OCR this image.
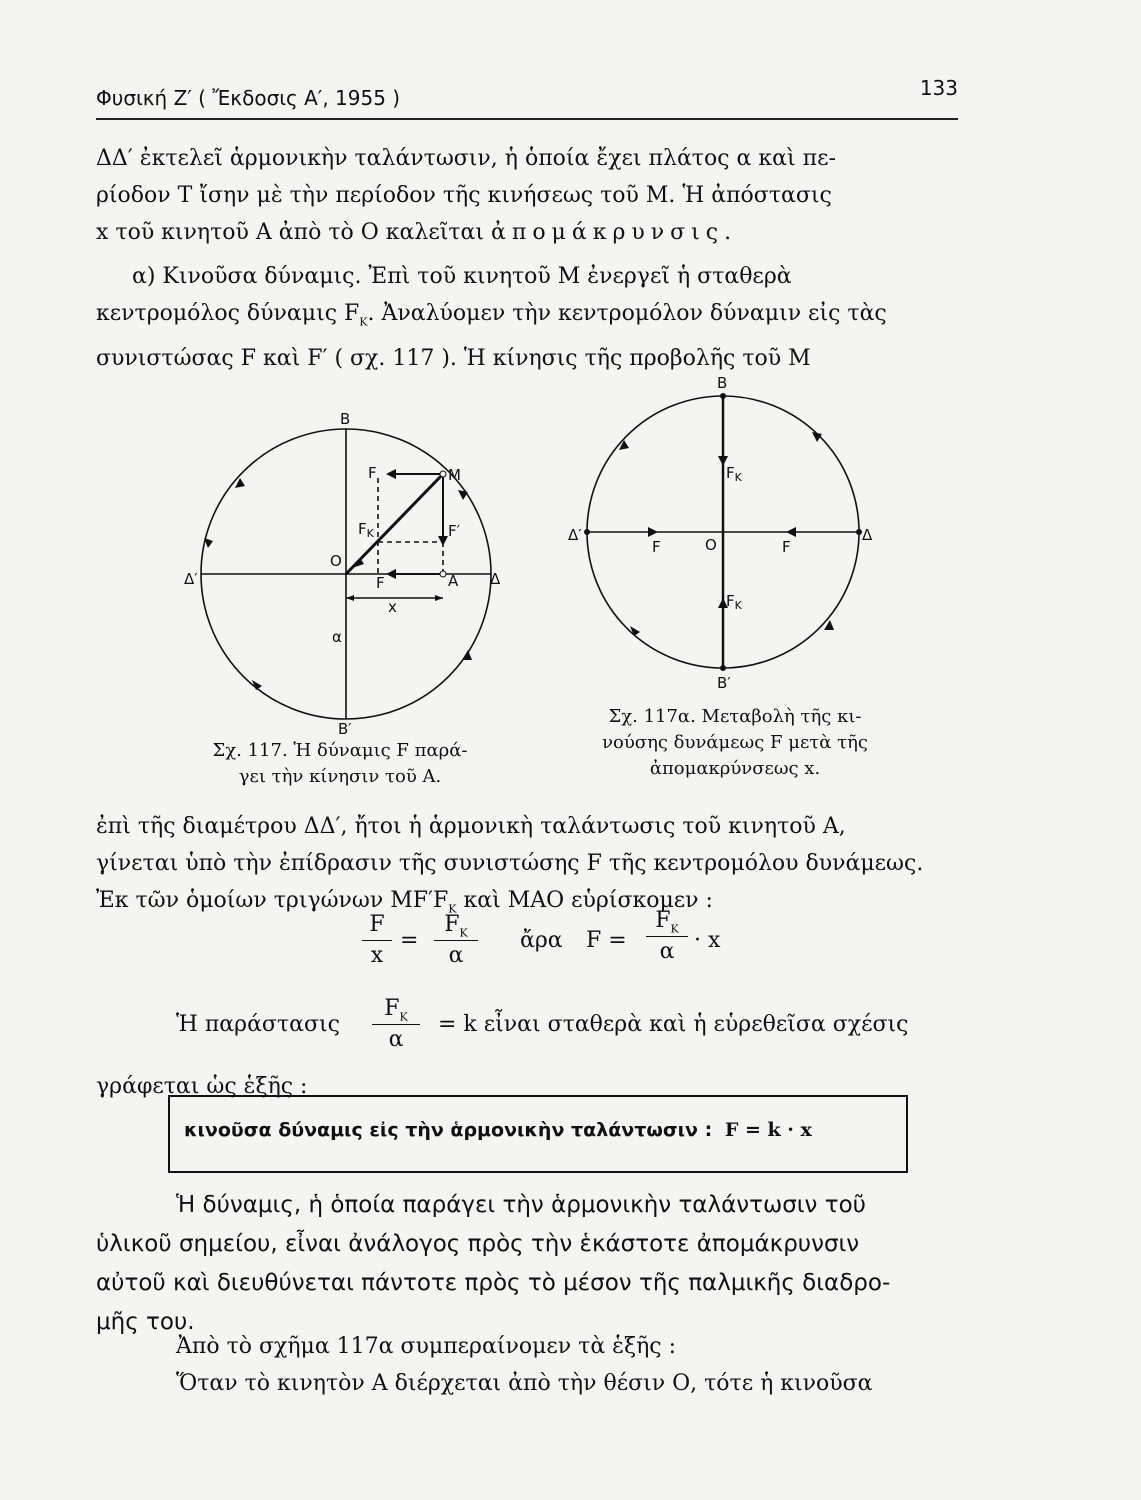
Φυσική Ζ′ ( Ἔκδοσις Α′, 1955 )	133
ΔΔ′ ἐκτελεῖ ἁρμονικὴν ταλάντωσιν, ἡ ὁποία ἔχει πλάτος α καὶ πε-
ρίοδον Τ ἴσην μὲ τὴν περίοδον τῆς κινήσεως τοῦ Μ. Ἡ ἀπόστασις
x τοῦ κινητοῦ Α ἀπὸ τὸ Ο καλεῖται ἀπομάκρυνσις.
α) Κινοῦσα δύναμις. Ἐπὶ τοῦ κινητοῦ Μ ἐνεργεῖ ἡ σταθερὰ
κεντρομόλος δύναμις $F_K$. Ἀναλύομεν τὴν κεντρομόλον δύναμιν εἰς τὰς
συνιστώσας F καὶ F′ ( σχ. 117 ). Ἡ κίνησις τῆς προβολῆς τοῦ Μ
B
B′
Δ′	Δ
O
M
A
F
F′
$F_K$
F
x
α
B
B′
Δ′	Δ
O
F	F
$F_K$
$F_K$
Σχ. 117. Ἡ δύναμις F παρά-
γει τὴν κίνησιν τοῦ Α.
Σχ. 117α. Μεταβολὴ τῆς κι-
νούσης δυνάμεως F μετὰ τῆς
ἀπομακρύνσεως x.
ἐπὶ τῆς διαμέτρου ΔΔ′, ἤτοι ἡ ἁρμονικὴ ταλάντωσις τοῦ κινητοῦ Α,
γίνεται ὑπὸ τὴν ἐπίδρασιν τῆς συνιστώσης F τῆς κεντρομόλου δυνάμεως.
Ἐκ τῶν ὁμοίων τριγώνων $MF'F_K$ καὶ ΜΑΟ εὑρίσκομεν :
F
x
=
$F_K$
α
ἄρα F =
$F_K$
α · x
Ἡ παράστασις
$F_K$
α
= k εἶναι σταθερὰ καὶ ἡ εὑρεθεῖσα σχέσις
γράφεται ὡς ἑξῆς :
κινοῦσα δύναμις εἰς τὴν ἁρμονικὴν ταλάντωσιν : F = k · x
Ἡ δύναμις, ἡ ὁποία παράγει τὴν ἁρμονικὴν ταλάντωσιν τοῦ
ὑλικοῦ σημείου, εἶναι ἀνάλογος πρὸς τὴν ἑκάστοτε ἀπομάκρυνσιν
αὐτοῦ καὶ διευθύνεται πάντοτε πρὸς τὸ μέσον τῆς παλμικῆς διαδρο-
μῆς του.
Ἀπὸ τὸ σχῆμα 117α συμπεραίνομεν τὰ ἑξῆς :
Ὅταν τὸ κινητὸν Α διέρχεται ἀπὸ τὴν θέσιν Ο, τότε ἡ κινοῦσα
